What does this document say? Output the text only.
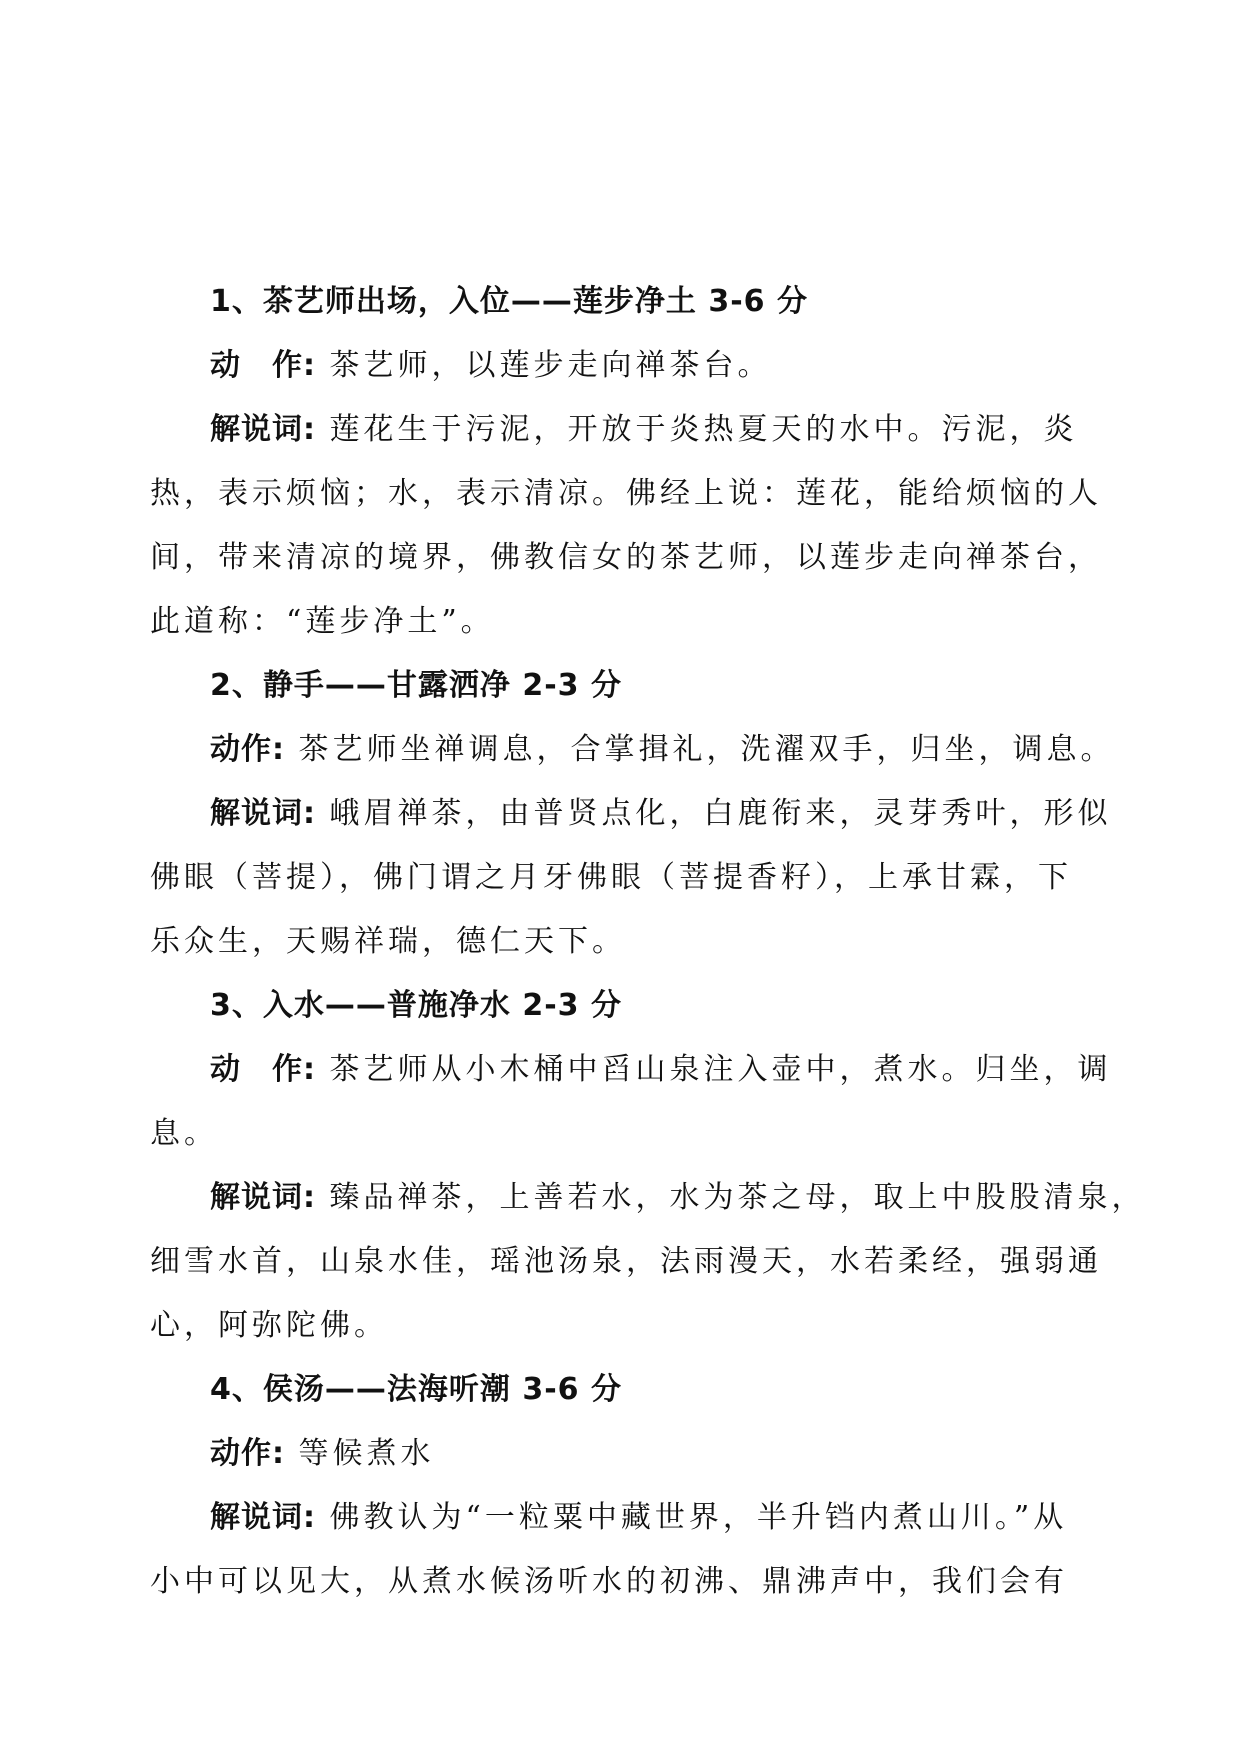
1、茶艺师出场，入位——莲步净土 3-6 分
动　作: 茶艺师，以莲步走向禅茶台。
解说词: 莲花生于污泥，开放于炎热夏天的水中。污泥，炎
热，表示烦恼；水，表示清凉。佛经上说：莲花，能给烦恼的人
间，带来清凉的境界，佛教信女的茶艺师，以莲步走向禅茶台，
此道称：“莲步净土”。
2、静手——甘露洒净 2-3 分
动作: 茶艺师坐禅调息，合掌揖礼，洗濯双手，归坐，调息。
解说词: 峨眉禅茶，由普贤点化，白鹿衔来，灵芽秀叶，形似
佛眼（菩提），佛门谓之月牙佛眼（菩提香籽），上承甘霖，下
乐众生，天赐祥瑞，德仁天下。
3、入水——普施净水 2-3 分
动　作: 茶艺师从小木桶中舀山泉注入壶中，煮水。归坐，调
息。
解说词: 臻品禅茶，上善若水，水为茶之母，取上中股股清泉，
细雪水首，山泉水佳，瑶池汤泉，法雨漫天，水若柔经，强弱通
心，阿弥陀佛。
4、侯汤——法海听潮 3-6 分
动作: 等候煮水
解说词: 佛教认为“一粒粟中藏世界，半升铛内煮山川。”从
小中可以见大，从煮水候汤听水的初沸、鼎沸声中，我们会有
